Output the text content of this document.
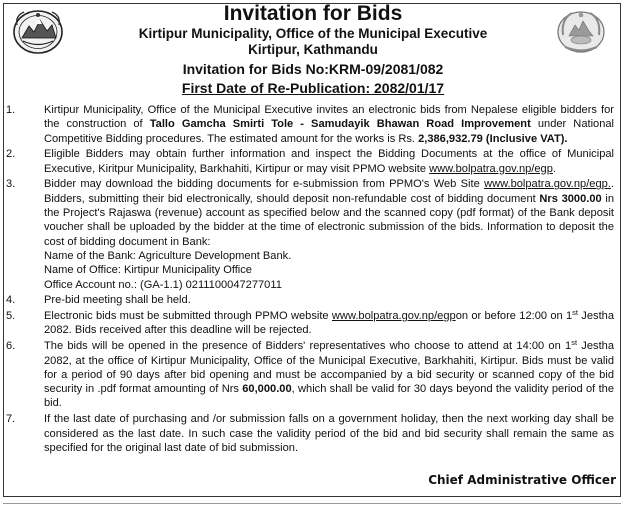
Invitation for Bids
Kirtipur Municipality, Office of the Municipal Executive
Kirtipur, Kathmandu
Invitation for Bids No:KRM-09/2081/082
First Date of Re-Publication: 2082/01/17
1.	Kirtipur Municipality, Office of the Municipal Executive invites an electronic bids from Nepalese eligible bidders for the construction of Tallo Gamcha Smirti Tole - Samudayik Bhawan Road Improvement under National Competitive Bidding procedures. The estimated amount for the works is Rs. 2,386,932.79 (Inclusive VAT).

2.	Eligible Bidders may obtain further information and inspect the Bidding Documents at the office of Municipal Executive, Kiritpur Municipality, Barkhahiti, Kirtipur or may visit PPMO website www.bolpatra.gov.np/egp.

3.	Bidder may download the bidding documents for e-submission from PPMO's Web Site www.bolpatra.gov.np/egp.. Bidders, submitting their bid electronically, should deposit non-refundable cost of bidding document Nrs 3000.00 in the Project's Rajaswa (revenue) account as specified below and the scanned copy (pdf format) of the Bank deposit voucher shall be uploaded by the bidder at the time of electronic submission of the bids. Information to deposit the cost of bidding document in Bank:

Name of the Bank: Agriculture Development Bank.

Name of Office: Kirtipur Municipality Office

Office Account no.: (GA-1.1) 0211100047277011

4.	Pre-bid meeting shall be held.

5.	Electronic bids must be submitted through PPMO website www.bolpatra.gov.np/egpon or before 12:00 on 1st Jestha 2082. Bids received after this deadline will be rejected.

6.	The bids will be opened in the presence of Bidders' representatives who choose to attend at 14:00 on 1st Jestha 2082, at the office of Kirtipur Municipality, Office of the Municipal Executive, Barkhahiti, Kirtipur. Bids must be valid for a period of 90 days after bid opening and must be accompanied by a bid security or scanned copy of the bid security in .pdf format amounting of Nrs 60,000.00, which shall be valid for 30 days beyond the validity period of the bid.

7.	If the last date of purchasing and /or submission falls on a government holiday, then the next working day shall be considered as the last date. In such case the validity period of the bid and bid security shall remain the same as specified for the original last date of bid submission.

Chief Administrative Officer
